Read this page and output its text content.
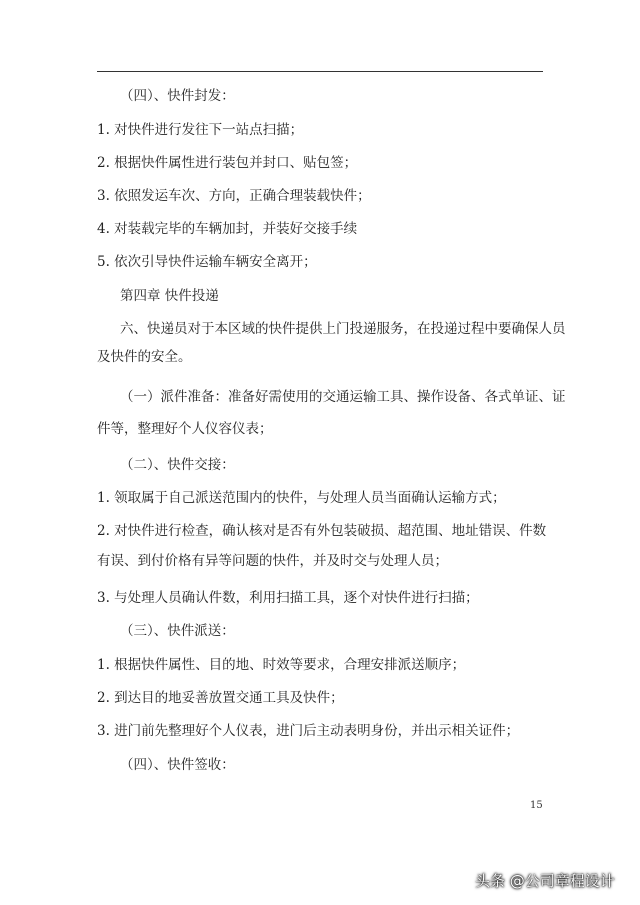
（四）、快件封发：
1. 对快件进行发往下一站点扫描；
2. 根据快件属性进行装包并封口、贴包签；
3. 依照发运车次、方向，正确合理装载快件；
4. 对装载完毕的车辆加封，并装好交接手续
5. 依次引导快件运输车辆安全离开；
第四章 快件投递
六、快递员对于本区域的快件提供上门投递服务，在投递过程中要确保人员
及快件的安全。
（一）派件准备：准备好需使用的交通运输工具、操作设备、各式单证、证
件等，整理好个人仪容仪表；
（二）、快件交接：
1. 领取属于自己派送范围内的快件，与处理人员当面确认运输方式；
2. 对快件进行检查，确认核对是否有外包装破损、超范围、地址错误、件数
有误、到付价格有异等问题的快件，并及时交与处理人员；
3. 与处理人员确认件数，利用扫描工具，逐个对快件进行扫描；
（三）、快件派送：
1. 根据快件属性、目的地、时效等要求，合理安排派送顺序；
2. 到达目的地妥善放置交通工具及快件；
3. 进门前先整理好个人仪表，进门后主动表明身份，并出示相关证件；
（四）、快件签收：
15
头条 @公司章程设计
